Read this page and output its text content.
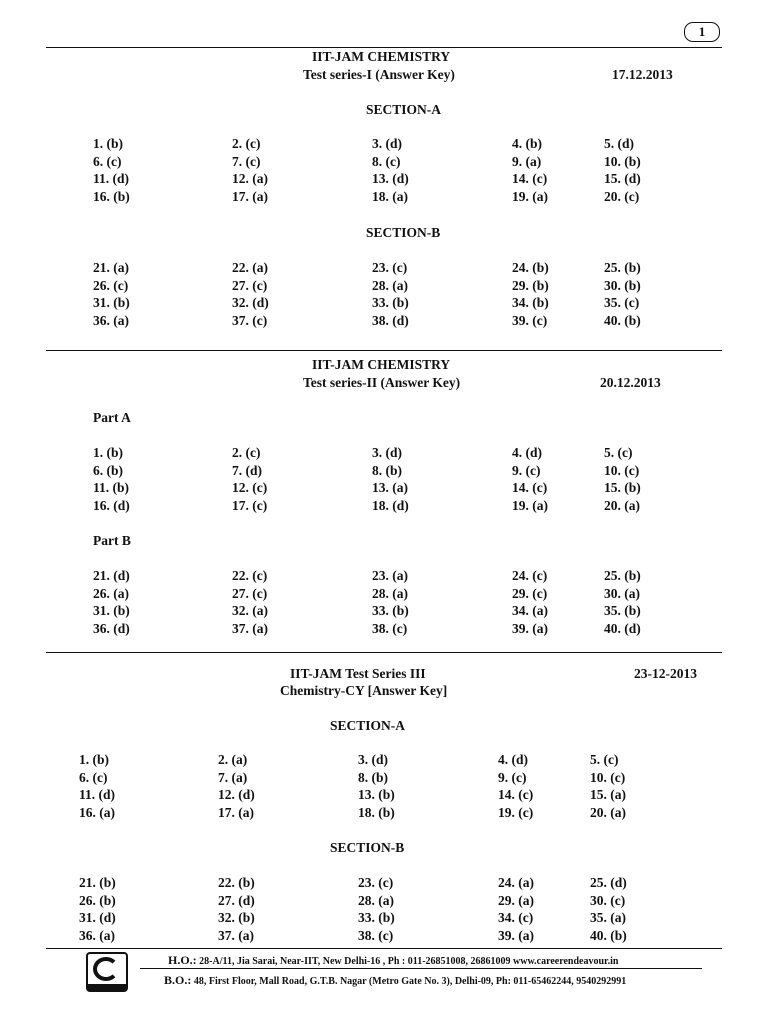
1
IIT-JAM CHEMISTRY
Test series-I (Answer Key)	17.12.2013
SECTION-A
1. (b)	2. (c)	3. (d)	4. (b)	5. (d)
6. (c)	7. (c)	8. (c)	9. (a)	10. (b)
11. (d)	12. (a)	13. (d)	14. (c)	15. (d)
16. (b)	17. (a)	18. (a)	19. (a)	20. (c)
SECTION-B
21. (a)	22. (a)	23. (c)	24. (b)	25. (b)
26. (c)	27. (c)	28. (a)	29. (b)	30. (b)
31. (b)	32. (d)	33. (b)	34. (b)	35. (c)
36. (a)	37. (c)	38. (d)	39. (c)	40. (b)
IIT-JAM CHEMISTRY
Test series-II (Answer Key)	20.12.2013
Part A
1. (b)	2. (c)	3. (d)	4. (d)	5. (c)
6. (b)	7. (d)	8. (b)	9. (c)	10. (c)
11. (b)	12. (c)	13. (a)	14. (c)	15. (b)
16. (d)	17. (c)	18. (d)	19. (a)	20. (a)
Part B
21. (d)	22. (c)	23. (a)	24. (c)	25. (b)
26. (a)	27. (c)	28. (a)	29. (c)	30. (a)
31. (b)	32. (a)	33. (b)	34. (a)	35. (b)
36. (d)	37. (a)	38. (c)	39. (a)	40. (d)
IIT-JAM Test Series III
Chemistry-CY [Answer Key]
23-12-2013
SECTION-A
1. (b)	2. (a)	3. (d)	4. (d)	5. (c)
6. (c)	7. (a)	8. (b)	9. (c)	10. (c)
11. (d)	12. (d)	13. (b)	14. (c)	15. (a)
16. (a)	17. (a)	18. (b)	19. (c)	20. (a)
SECTION-B
21. (b)	22. (b)	23. (c)	24. (a)	25. (d)
26. (b)	27. (d)	28. (a)	29. (a)	30. (c)
31. (d)	32. (b)	33. (b)	34. (c)	35. (a)
36. (a)	37. (a)	38. (c)	39. (a)	40. (b)
H.O.: 28-A/11, Jia Sarai, Near-IIT, New Delhi-16 , Ph : 011-26851008, 26861009 www.careerendeavour.in
B.O.: 48, First Floor, Mall Road, G.T.B. Nagar (Metro Gate No. 3), Delhi-09, Ph: 011-65462244, 9540292991
